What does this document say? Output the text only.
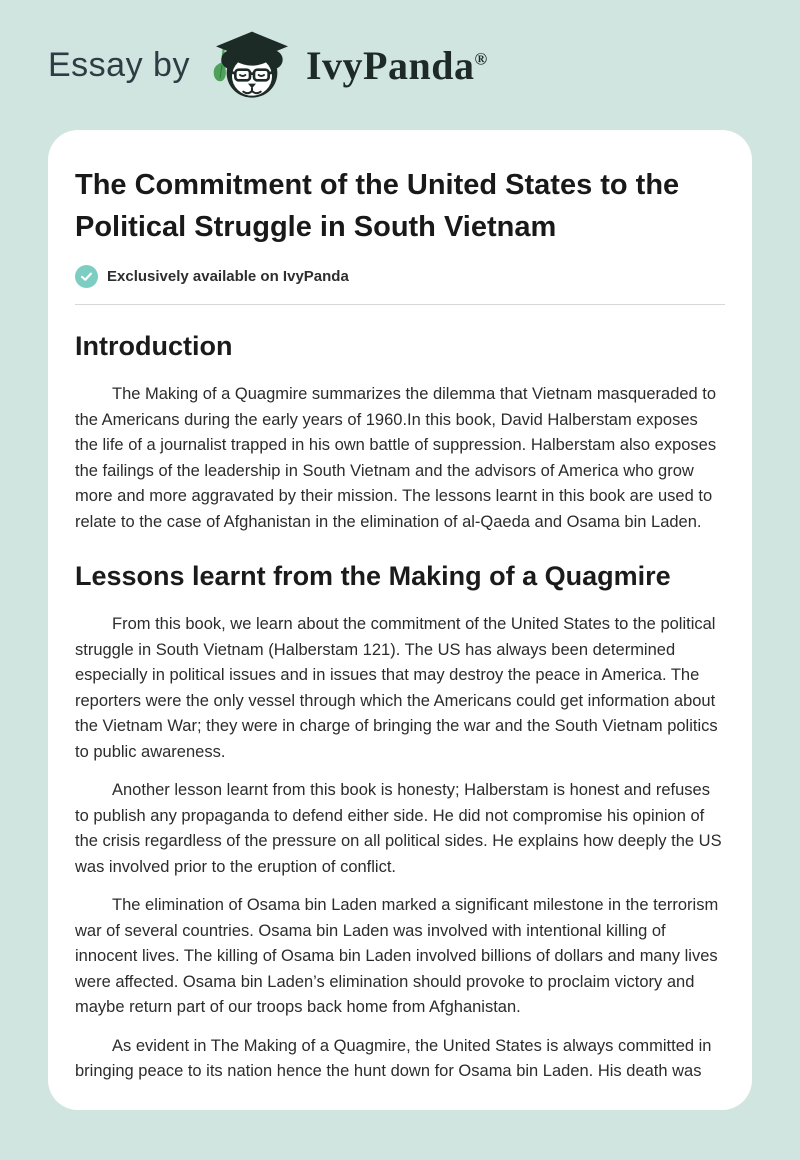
Essay by	IvyPanda®
The Commitment of the United States to the Political Struggle in South Vietnam
Exclusively available on IvyPanda
Introduction

The Making of a Quagmire summarizes the dilemma that Vietnam masqueraded to the Americans during the early years of 1960.In this book, David Halberstam exposes the life of a journalist trapped in his own battle of suppression. Halberstam also exposes the failings of the leadership in South Vietnam and the advisors of America who grow more and more aggravated by their mission. The lessons learnt in this book are used to relate to the case of Afghanistan in the elimination of al-Qaeda and Osama bin Laden.

Lessons learnt from the Making of a Quagmire

From this book, we learn about the commitment of the United States to the political struggle in South Vietnam (Halberstam 121). The US has always been determined especially in political issues and in issues that may destroy the peace in America. The reporters were the only vessel through which the Americans could get information about the Vietnam War; they were in charge of bringing the war and the South Vietnam politics to public awareness.

Another lesson learnt from this book is honesty; Halberstam is honest and refuses to publish any propaganda to defend either side. He did not compromise his opinion of the crisis regardless of the pressure on all political sides. He explains how deeply the US was involved prior to the eruption of conflict.

The elimination of Osama bin Laden marked a significant milestone in the terrorism war of several countries. Osama bin Laden was involved with intentional killing of innocent lives. The killing of Osama bin Laden involved billions of dollars and many lives were affected. Osama bin Laden’s elimination should provoke to proclaim victory and maybe return part of our troops back home from Afghanistan.

As evident in The Making of a Quagmire, the United States is always committed in bringing peace to its nation hence the hunt down for Osama bin Laden. His death was
